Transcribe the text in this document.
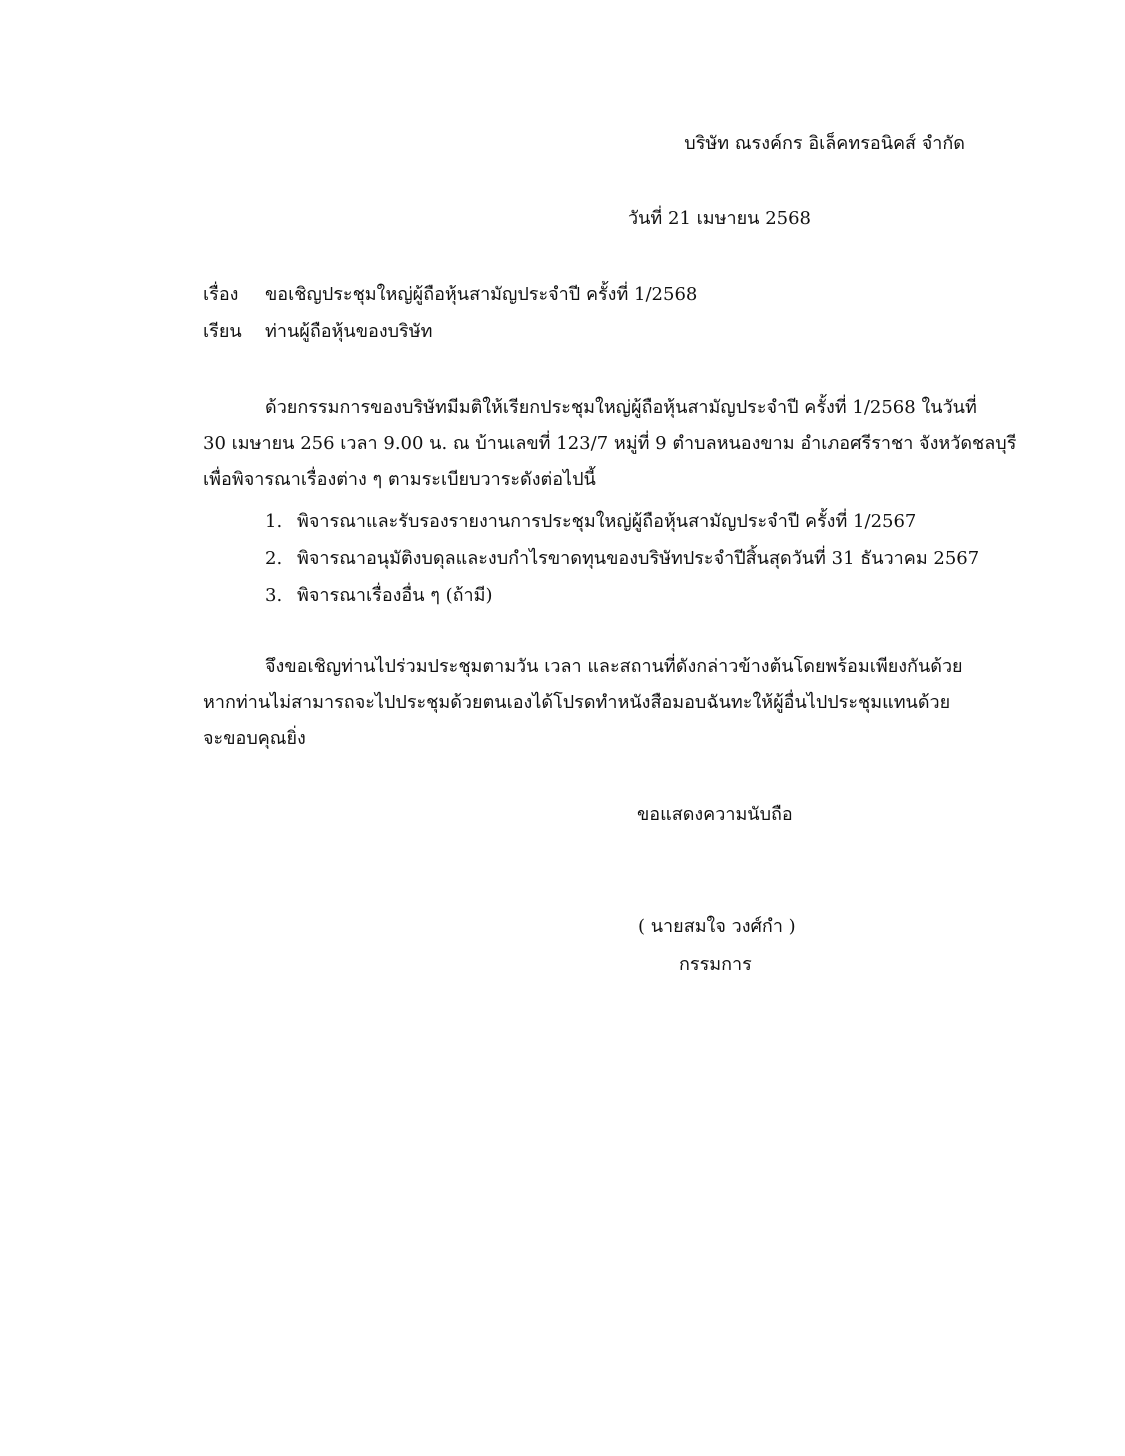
บริษัท ณรงค์กร อิเล็คทรอนิคส์ จำกัด
วันที่ 21 เมษายน 2568
เรื่อง	ขอเชิญประชุมใหญ่ผู้ถือหุ้นสามัญประจำปี ครั้งที่ 1/2568
เรียน	ท่านผู้ถือหุ้นของบริษัท

ด้วยกรรมการของบริษัทมีมติให้เรียกประชุมใหญ่ผู้ถือหุ้นสามัญประจำปี ครั้งที่ 1/2568 ในวันที่

30 เมษายน 256 เวลา 9.00 น. ณ บ้านเลขที่ 123/7 หมู่ที่ 9 ตำบลหนองขาม อำเภอศรีราชา จังหวัดชลบุรี

เพื่อพิจารณาเรื่องต่าง ๆ ตามระเบียบวาระดังต่อไปนี้

1. พิจารณาและรับรองรายงานการประชุมใหญ่ผู้ถือหุ้นสามัญประจำปี ครั้งที่ 1/2567
2. พิจารณาอนุมัติงบดุลและงบกำไรขาดทุนของบริษัทประจำปีสิ้นสุดวันที่ 31 ธันวาคม 2567
3. พิจารณาเรื่องอื่น ๆ (ถ้ามี)

จึงขอเชิญท่านไปร่วมประชุมตามวัน เวลา และสถานที่ดังกล่าวข้างต้นโดยพร้อมเพียงกันด้วย

หากท่านไม่สามารถจะไปประชุมด้วยตนเองได้โปรดทำหนังสือมอบฉันทะให้ผู้อื่นไปประชุมแทนด้วย

จะขอบคุณยิ่ง

ขอแสดงความนับถือ
( นายสมใจ วงศ์กำ )
กรรมการ
